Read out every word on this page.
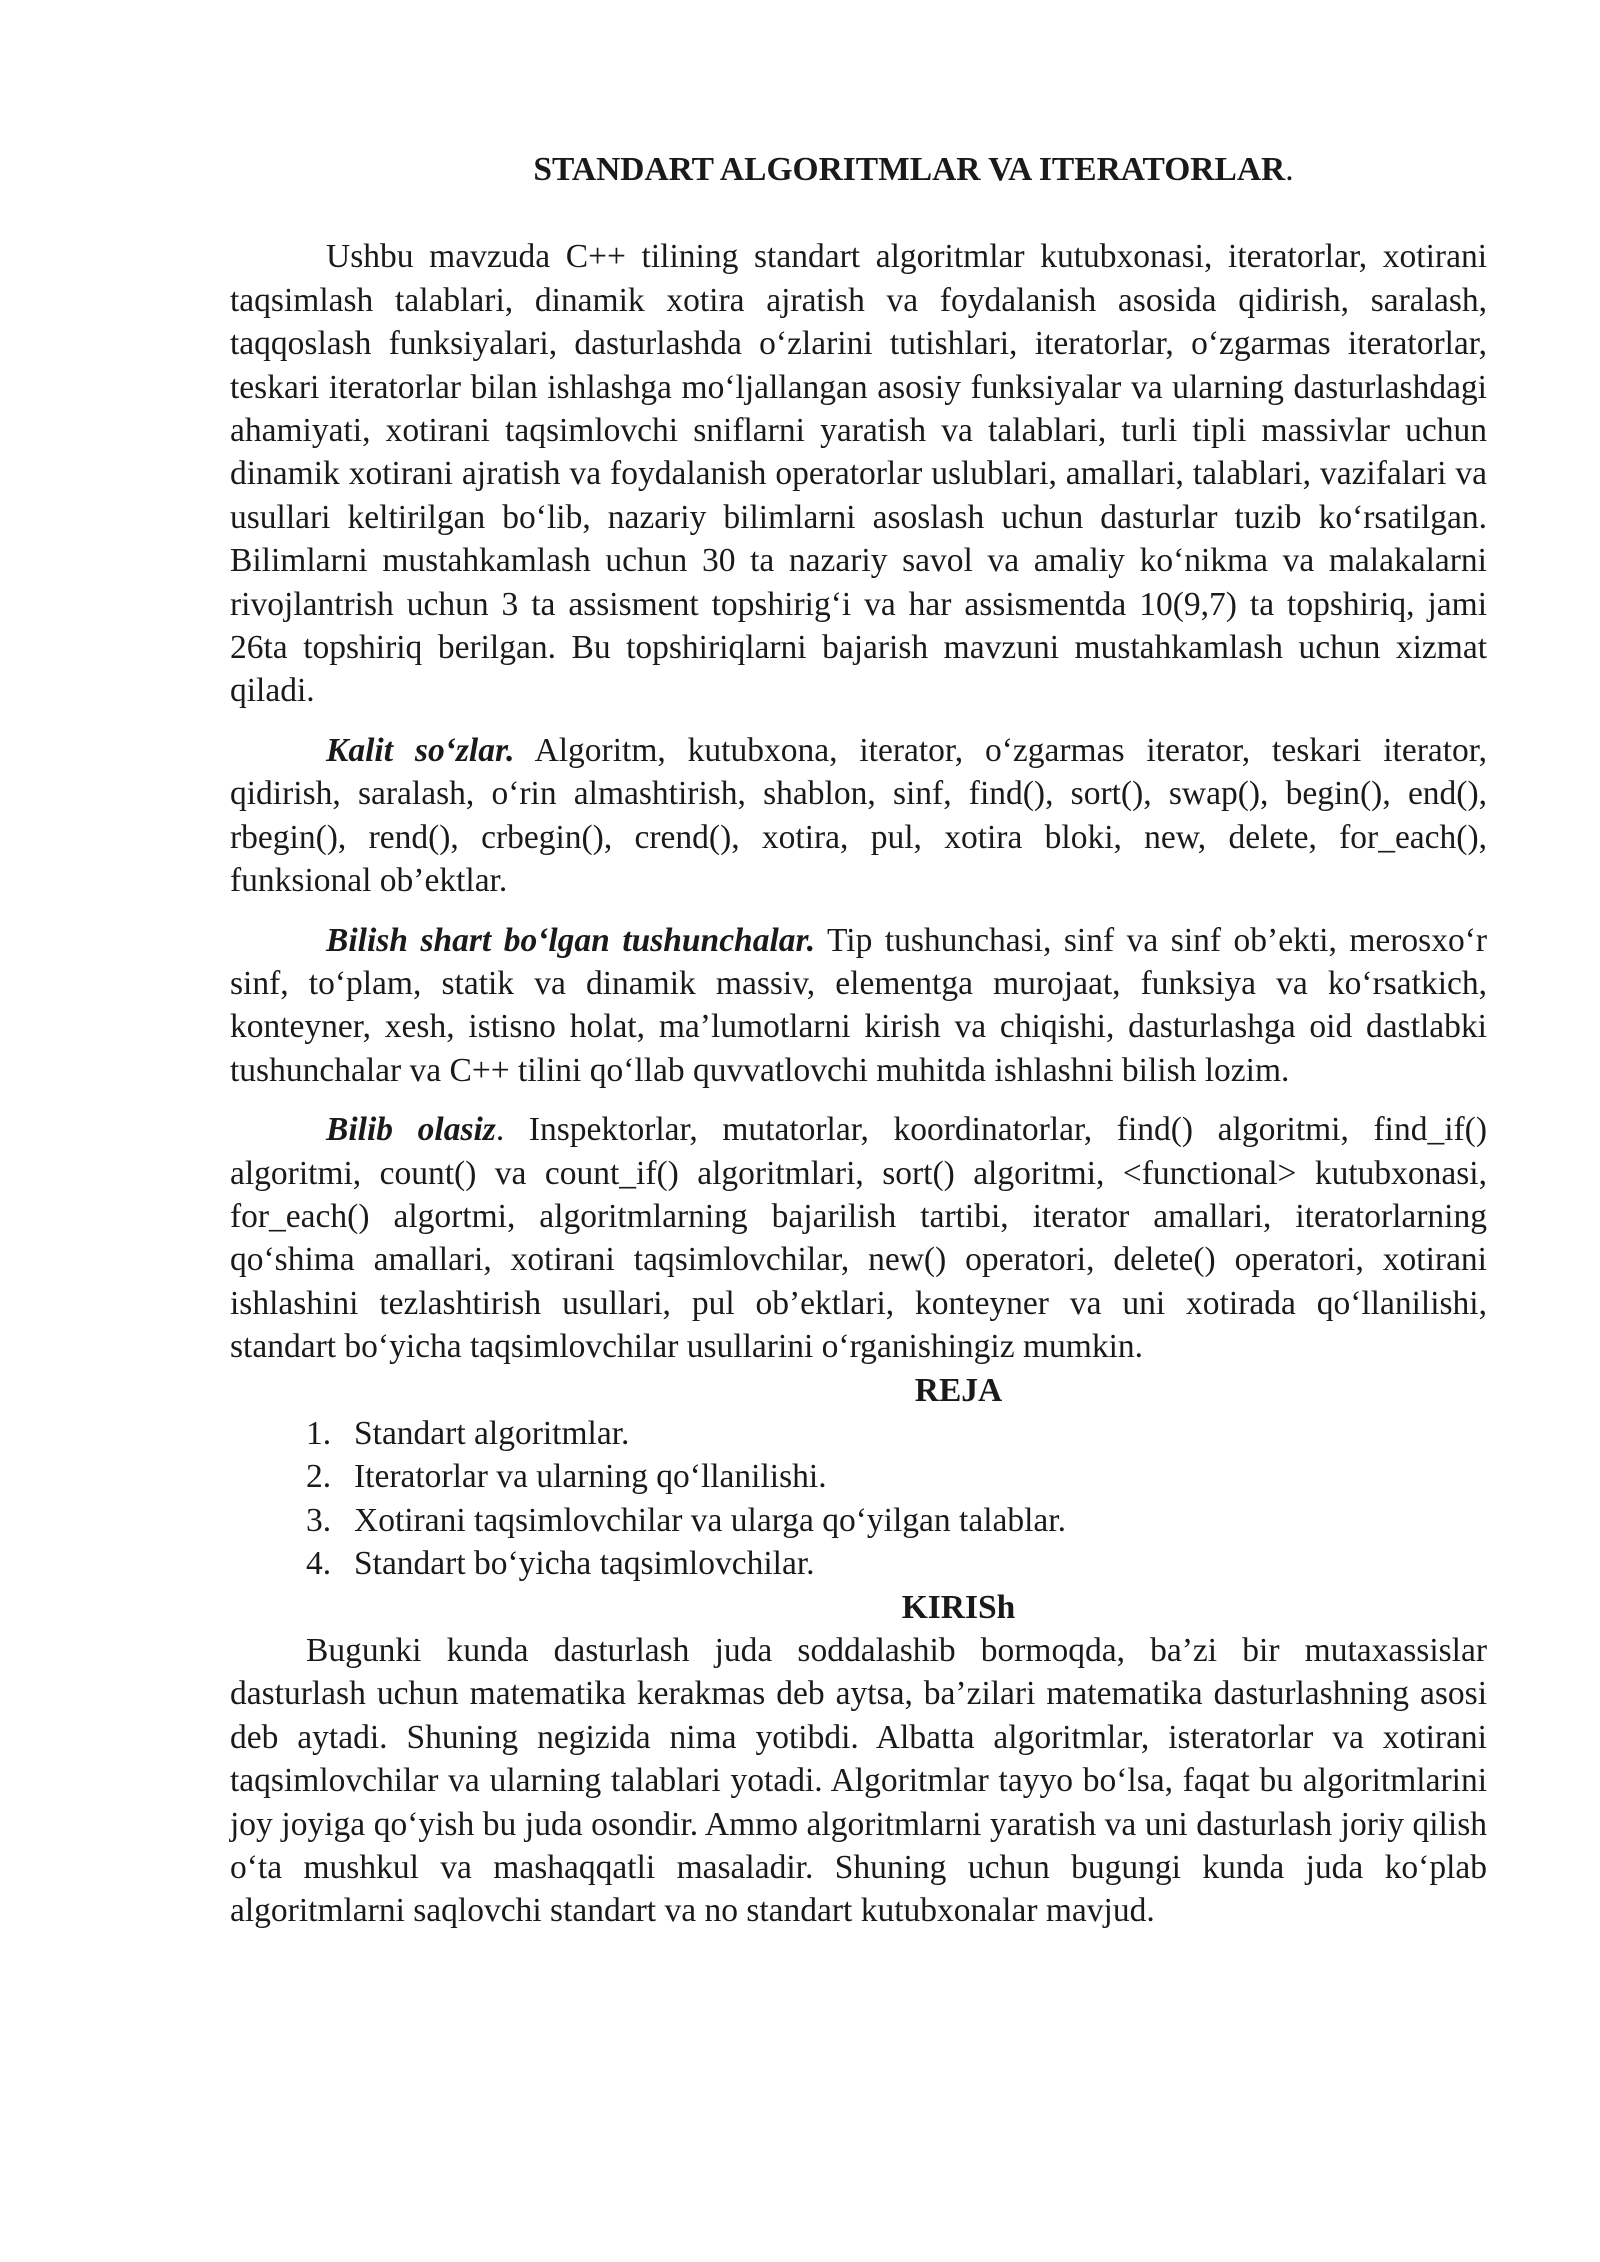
STANDART ALGORITMLAR VA ITERATORLAR.

Ushbu mavzuda C++ tilining standart algoritmlar kutubxonasi, iteratorlar, xotirani taqsimlash talablari, dinamik xotira ajratish va foydalanish asosida qidirish, saralash, taqqoslash funksiyalari, dasturlashda o‘zlarini tutishlari, iteratorlar, o‘zgarmas iteratorlar, teskari iteratorlar bilan ishlashga mo‘ljallangan asosiy funksiyalar va ularning dasturlashdagi ahamiyati, xotirani taqsimlovchi sniflarni yaratish va talablari, turli tipli massivlar uchun dinamik xotirani ajratish va foydalanish operatorlar uslublari, amallari, talablari, vazifalari va usullari keltirilgan bo‘lib, nazariy bilimlarni asoslash uchun dasturlar tuzib ko‘rsatilgan. Bilimlarni mustahkamlash uchun 30 ta nazariy savol va amaliy ko‘nikma va malakalarni rivojlantrish uchun 3 ta assisment topshirig‘i va har assismentda 10(9,7) ta topshiriq, jami 26ta topshiriq berilgan. Bu topshiriqlarni bajarish mavzuni mustahkamlash uchun xizmat qiladi.

Kalit so‘zlar. Algoritm, kutubxona, iterator, o‘zgarmas iterator, teskari iterator, qidirish, saralash, o‘rin almashtirish, shablon, sinf, find(), sort(), swap(), begin(), end(), rbegin(), rend(), crbegin(), crend(), xotira, pul, xotira bloki, new, delete, for_each(), funksional ob’ektlar.

Bilish shart bo‘lgan tushunchalar. Tip tushunchasi, sinf va sinf ob’ekti, merosxo‘r sinf, to‘plam, statik va dinamik massiv, elementga murojaat, funksiya va ko‘rsatkich, konteyner, xesh, istisno holat, ma’lumotlarni kirish va chiqishi, dasturlashga oid dastlabki tushunchalar va C++ tilini qo‘llab quvvatlovchi muhitda ishlashni bilish lozim.

Bilib olasiz. Inspektorlar, mutatorlar, koordinatorlar, find() algoritmi, find_if() algoritmi, count() va count_if() algoritmlari, sort() algoritmi, <functional> kutubxonasi, for_each() algortmi, algoritmlarning bajarilish tartibi, iterator amallari, iteratorlarning qo‘shima amallari, xotirani taqsimlovchilar, new() operatori, delete() operatori, xotirani ishlashini tezlashtirish usullari, pul ob’ektlari, konteyner va uni xotirada qo‘llanilishi, standart bo‘yicha taqsimlovchilar usullarini o‘rganishingiz mumkin.

REJA
1. Standart algoritmlar.
2. Iteratorlar va ularning qo‘llanilishi.
3. Xotirani taqsimlovchilar va ularga qo‘yilgan talablar.
4. Standart bo‘yicha taqsimlovchilar.
KIRISh

Bugunki kunda dasturlash juda soddalashib bormoqda, ba’zi bir mutaxassislar dasturlash uchun matematika kerakmas deb aytsa, ba’zilari matematika dasturlashning asosi deb aytadi. Shuning negizida nima yotibdi. Albatta algoritmlar, isteratorlar va xotirani taqsimlovchilar va ularning talablari yotadi. Algoritmlar tayyo bo‘lsa, faqat bu algoritmlarini joy joyiga qo‘yish bu juda osondir. Ammo algoritmlarni yaratish va uni dasturlash joriy qilish o‘ta mushkul va mashaqqatli masaladir. Shuning uchun bugungi kunda juda ko‘plab algoritmlarni saqlovchi standart va no standart kutubxonalar mavjud.
